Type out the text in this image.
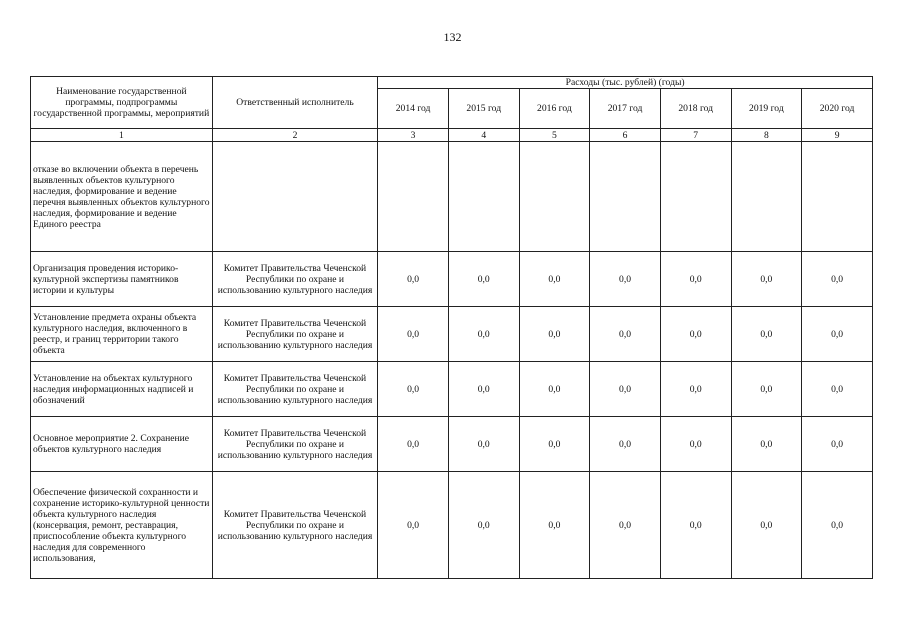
132
Наименование государственной программы, подпрограммы государственной программы, мероприятий	Ответственный исполнитель	Расходы (тыс. рублей) (годы)						
		2014 год	2015 год	2016 год	2017 год	2018 год	2019 год	2020 год
1	2	3	4	5	6	7	8	9
отказе во включении объекта в перечень выявленных объектов культурного наследия, формирование и ведение перечня выявленных объектов культурного наследия, формирование и ведение Единого реестра								
Организация проведения историко-культурной экспертизы памятников истории и культуры	Комитет Правительства Чеченской Республики по охране и использованию культурного наследия	0,0	0,0	0,0	0,0	0,0	0,0	0,0
Установление предмета охраны объекта культурного наследия, включенного в реестр, и границ территории такого объекта	Комитет Правительства Чеченской Республики по охране и использованию культурного наследия	0,0	0,0	0,0	0,0	0,0	0,0	0,0
Установление на объектах культурного наследия информационных надписей и обозначений	Комитет Правительства Чеченской Республики по охране и использованию культурного наследия	0,0	0,0	0,0	0,0	0,0	0,0	0,0
Основное мероприятие 2. Сохранение объектов культурного наследия	Комитет Правительства Чеченской Республики по охране и использованию культурного наследия	0,0	0,0	0,0	0,0	0,0	0,0	0,0
Обеспечение физической сохранности и сохранение историко-культурной ценности объекта культурного наследия (консервация, ремонт, реставрация, приспособление объекта культурного наследия для современного использования,	Комитет Правительства Чеченской Республики по охране и использованию культурного наследия	0,0	0,0	0,0	0,0	0,0	0,0	0,0
